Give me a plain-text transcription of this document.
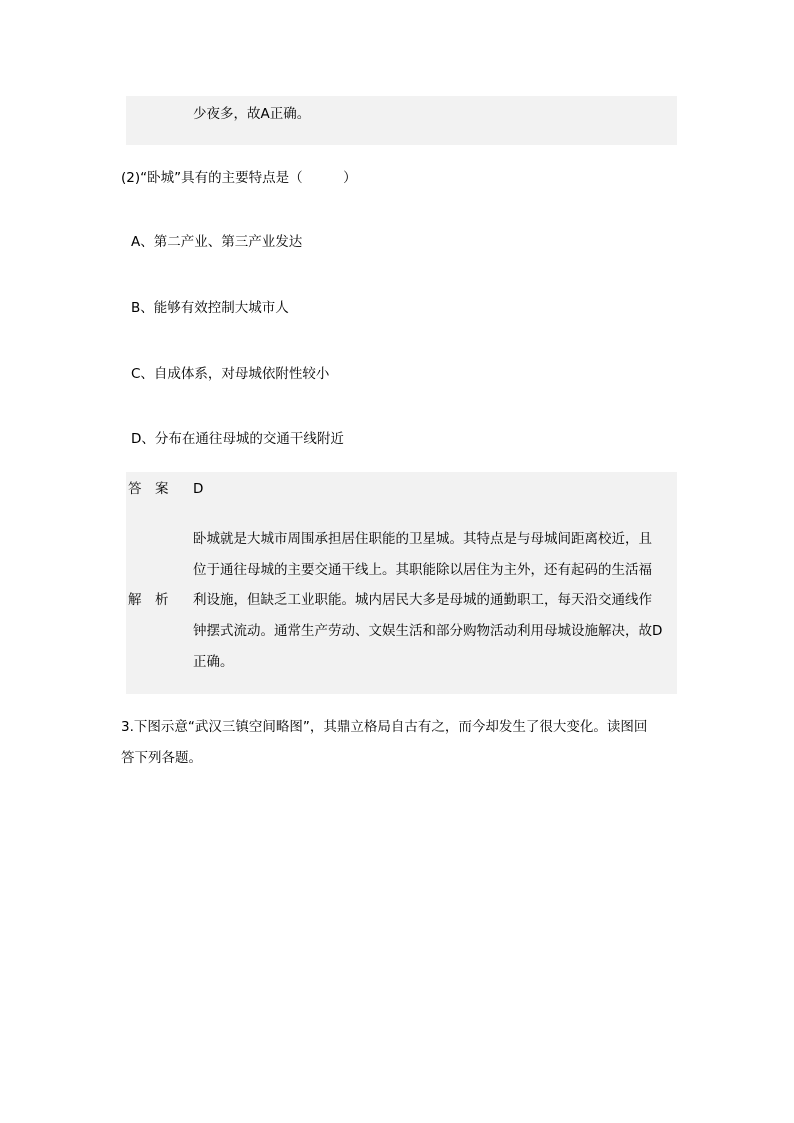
少夜多，故A正确。
(2)“卧城”具有的主要特点是（　　　）
A、第二产业、第三产业发达
B、能够有效控制大城市人
C、自成体系，对母城依附性较小
D、分布在通往母城的交通干线附近
答　案 D
解　析
卧城就是大城市周围承担居住职能的卫星城。其特点是与母城间距离校近，且
位于通往母城的主要交通干线上。其职能除以居住为主外，还有起码的生活福
利设施，但缺乏工业职能。城内居民大多是母城的通勤职工，每天沿交通线作
钟摆式流动。通常生产劳动、文娱生活和部分购物活动利用母城设施解决，故D
正确。
3.下图示意“武汉三镇空间略图”，其鼎立格局自古有之，而今却发生了很大变化。读图回
答下列各题。
